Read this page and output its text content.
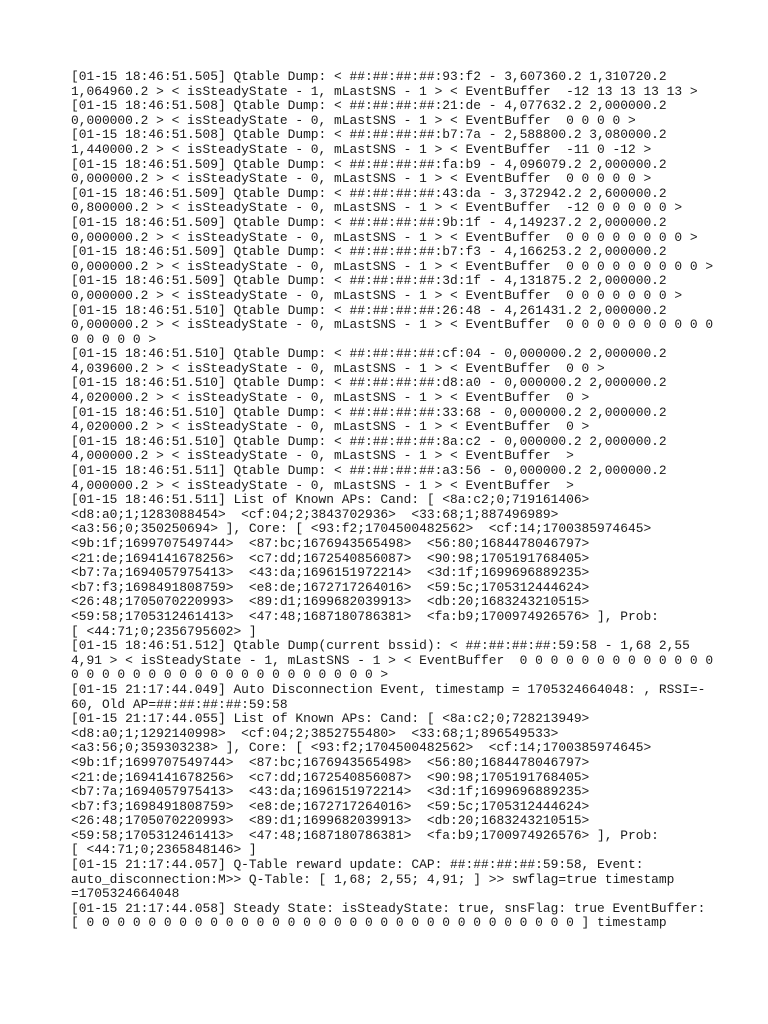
[01-15 18:46:51.505] Qtable Dump: < ##:##:##:##:93:f2 - 3,607360.2 1,310720.2
1,064960.2 > < isSteadyState - 1, mLastSNS - 1 > < EventBuffer  -12 13 13 13 13 >
[01-15 18:46:51.508] Qtable Dump: < ##:##:##:##:21:de - 4,077632.2 2,000000.2
0,000000.2 > < isSteadyState - 0, mLastSNS - 1 > < EventBuffer  0 0 0 0 >
[01-15 18:46:51.508] Qtable Dump: < ##:##:##:##:b7:7a - 2,588800.2 3,080000.2
1,440000.2 > < isSteadyState - 0, mLastSNS - 1 > < EventBuffer  -11 0 -12 >
[01-15 18:46:51.509] Qtable Dump: < ##:##:##:##:fa:b9 - 4,096079.2 2,000000.2
0,000000.2 > < isSteadyState - 0, mLastSNS - 1 > < EventBuffer  0 0 0 0 0 >
[01-15 18:46:51.509] Qtable Dump: < ##:##:##:##:43:da - 3,372942.2 2,600000.2
0,800000.2 > < isSteadyState - 0, mLastSNS - 1 > < EventBuffer  -12 0 0 0 0 0 >
[01-15 18:46:51.509] Qtable Dump: < ##:##:##:##:9b:1f - 4,149237.2 2,000000.2
0,000000.2 > < isSteadyState - 0, mLastSNS - 1 > < EventBuffer  0 0 0 0 0 0 0 0 >
[01-15 18:46:51.509] Qtable Dump: < ##:##:##:##:b7:f3 - 4,166253.2 2,000000.2
0,000000.2 > < isSteadyState - 0, mLastSNS - 1 > < EventBuffer  0 0 0 0 0 0 0 0 0 >
[01-15 18:46:51.509] Qtable Dump: < ##:##:##:##:3d:1f - 4,131875.2 2,000000.2
0,000000.2 > < isSteadyState - 0, mLastSNS - 1 > < EventBuffer  0 0 0 0 0 0 0 >
[01-15 18:46:51.510] Qtable Dump: < ##:##:##:##:26:48 - 4,261431.2 2,000000.2
0,000000.2 > < isSteadyState - 0, mLastSNS - 1 > < EventBuffer  0 0 0 0 0 0 0 0 0 0
0 0 0 0 0 >
[01-15 18:46:51.510] Qtable Dump: < ##:##:##:##:cf:04 - 0,000000.2 2,000000.2
4,039600.2 > < isSteadyState - 0, mLastSNS - 1 > < EventBuffer  0 0 >
[01-15 18:46:51.510] Qtable Dump: < ##:##:##:##:d8:a0 - 0,000000.2 2,000000.2
4,020000.2 > < isSteadyState - 0, mLastSNS - 1 > < EventBuffer  0 >
[01-15 18:46:51.510] Qtable Dump: < ##:##:##:##:33:68 - 0,000000.2 2,000000.2
4,020000.2 > < isSteadyState - 0, mLastSNS - 1 > < EventBuffer  0 >
[01-15 18:46:51.510] Qtable Dump: < ##:##:##:##:8a:c2 - 0,000000.2 2,000000.2
4,000000.2 > < isSteadyState - 0, mLastSNS - 1 > < EventBuffer  >
[01-15 18:46:51.511] Qtable Dump: < ##:##:##:##:a3:56 - 0,000000.2 2,000000.2
4,000000.2 > < isSteadyState - 0, mLastSNS - 1 > < EventBuffer  >
[01-15 18:46:51.511] List of Known APs: Cand: [ <8a:c2;0;719161406>
<d8:a0;1;1283088454>  <cf:04;2;3843702936>  <33:68;1;887496989>
<a3:56;0;350250694> ], Core: [ <93:f2;1704500482562>  <cf:14;1700385974645>
<9b:1f;1699707549744>  <87:bc;1676943565498>  <56:80;1684478046797>
<21:de;1694141678256>  <c7:dd;1672540856087>  <90:98;1705191768405>
<b7:7a;1694057975413>  <43:da;1696151972214>  <3d:1f;1699696889235>
<b7:f3;1698491808759>  <e8:de;1672717264016>  <59:5c;1705312444624>
<26:48;1705070220993>  <89:d1;1699682039913>  <db:20;1683243210515>
<59:58;1705312461413>  <47:48;1687180786381>  <fa:b9;1700974926576> ], Prob:
[ <44:71;0;2356795602> ]
[01-15 18:46:51.512] Qtable Dump(current bssid): < ##:##:##:##:59:58 - 1,68 2,55
4,91 > < isSteadyState - 1, mLastSNS - 1 > < EventBuffer  0 0 0 0 0 0 0 0 0 0 0 0 0
0 0 0 0 0 0 0 0 0 0 0 0 0 0 0 0 0 0 0 0 >
[01-15 21:17:44.049] Auto Disconnection Event, timestamp = 1705324664048: , RSSI=-
60, Old AP=##:##:##:##:59:58
[01-15 21:17:44.055] List of Known APs: Cand: [ <8a:c2;0;728213949>
<d8:a0;1;1292140998>  <cf:04;2;3852755480>  <33:68;1;896549533>
<a3:56;0;359303238> ], Core: [ <93:f2;1704500482562>  <cf:14;1700385974645>
<9b:1f;1699707549744>  <87:bc;1676943565498>  <56:80;1684478046797>
<21:de;1694141678256>  <c7:dd;1672540856087>  <90:98;1705191768405>
<b7:7a;1694057975413>  <43:da;1696151972214>  <3d:1f;1699696889235>
<b7:f3;1698491808759>  <e8:de;1672717264016>  <59:5c;1705312444624>
<26:48;1705070220993>  <89:d1;1699682039913>  <db:20;1683243210515>
<59:58;1705312461413>  <47:48;1687180786381>  <fa:b9;1700974926576> ], Prob:
[ <44:71;0;2365848146> ]
[01-15 21:17:44.057] Q-Table reward update: CAP: ##:##:##:##:59:58, Event:
auto_disconnection:M>> Q-Table: [ 1,68; 2,55; 4,91; ] >> swflag=true timestamp
=1705324664048
[01-15 21:17:44.058] Steady State: isSteadyState: true, snsFlag: true EventBuffer:
[ 0 0 0 0 0 0 0 0 0 0 0 0 0 0 0 0 0 0 0 0 0 0 0 0 0 0 0 0 0 0 0 0 ] timestamp
